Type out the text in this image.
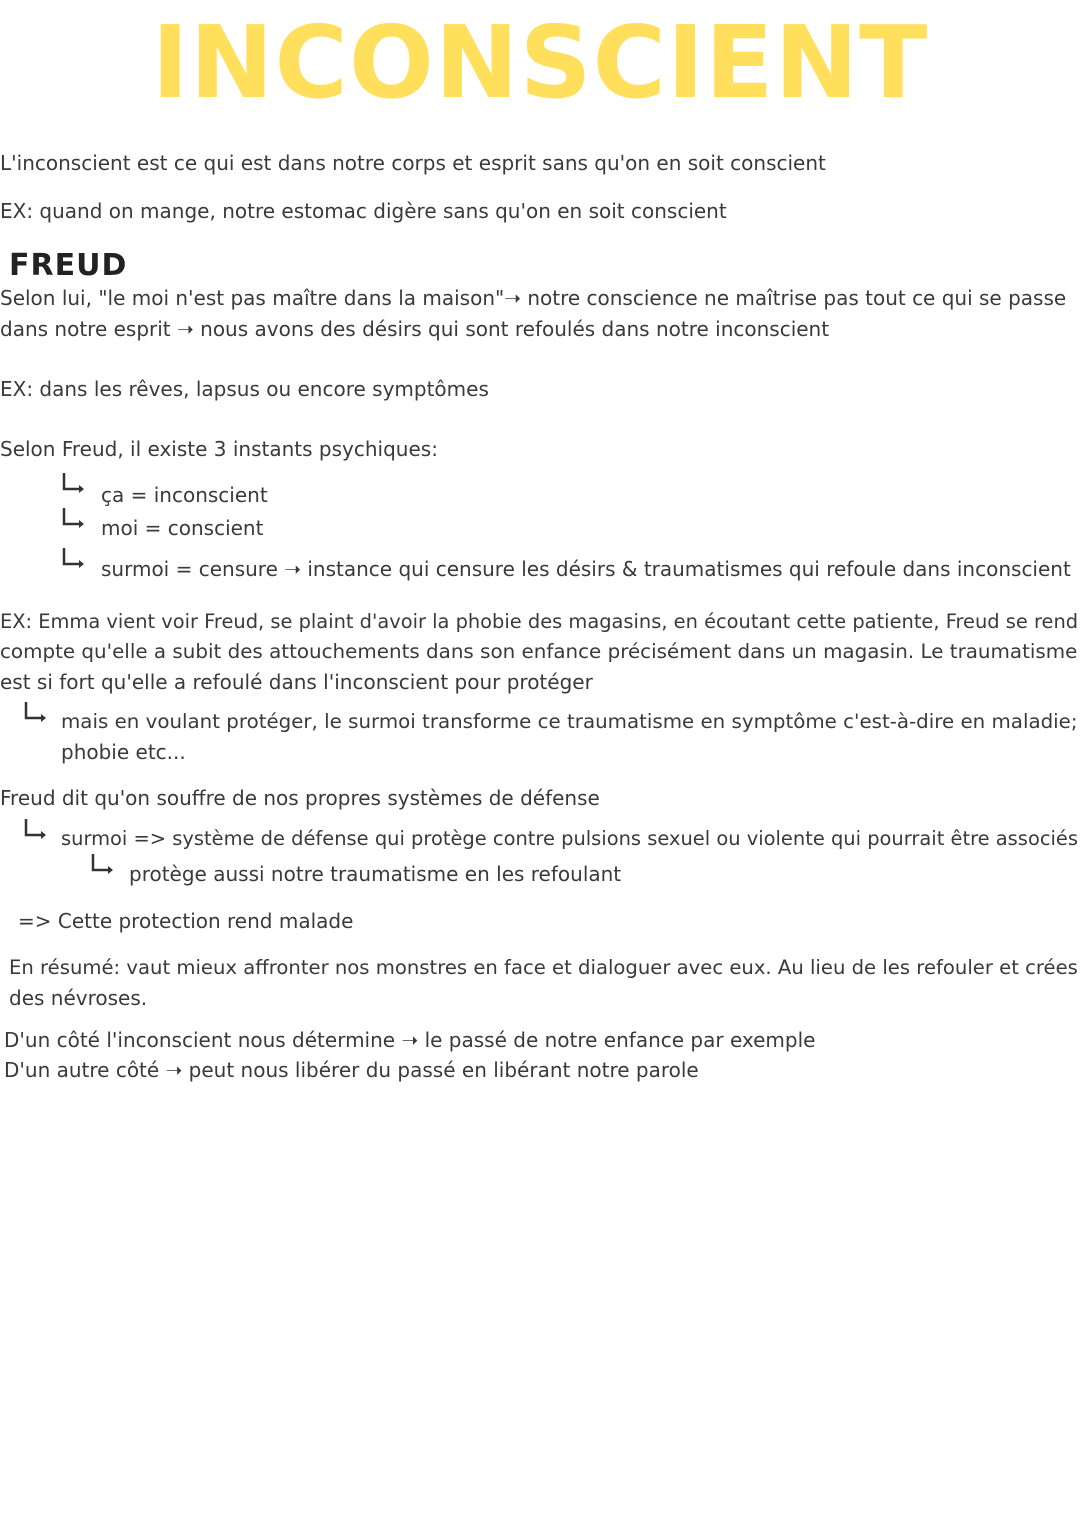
INCONSCIENT
L'inconscient est ce qui est dans notre corps et esprit sans qu'on en soit conscient
EX: quand on mange, notre estomac digère sans qu'on en soit conscient
FREUD
Selon lui, "le moi n'est pas maître dans la maison"➝ notre conscience ne maîtrise pas tout ce qui se passe
dans notre esprit ➝ nous avons des désirs qui sont refoulés dans notre inconscient
EX: dans les rêves, lapsus ou encore symptômes
Selon Freud, il existe 3 instants psychiques:
ça = inconscient
moi = conscient
surmoi = censure ➝ instance qui censure les désirs & traumatismes qui refoule dans inconscient
EX: Emma vient voir Freud, se plaint d'avoir la phobie des magasins, en écoutant cette patiente, Freud se rend
compte qu'elle a subit des attouchements dans son enfance précisément dans un magasin. Le traumatisme
est si fort qu'elle a refoulé dans l'inconscient pour protéger
mais en voulant protéger, le surmoi transforme ce traumatisme en symptôme c'est-à-dire en maladie;
phobie etc...
Freud dit qu'on souffre de nos propres systèmes de défense
surmoi => système de défense qui protège contre pulsions sexuel ou violente qui pourrait être associés
protège aussi notre traumatisme en les refoulant
=> Cette protection rend malade
En résumé: vaut mieux affronter nos monstres en face et dialoguer avec eux. Au lieu de les refouler et crées
des névroses.
D'un côté l'inconscient nous détermine ➝ le passé de notre enfance par exemple
D'un autre côté ➝ peut nous libérer du passé en libérant notre parole
